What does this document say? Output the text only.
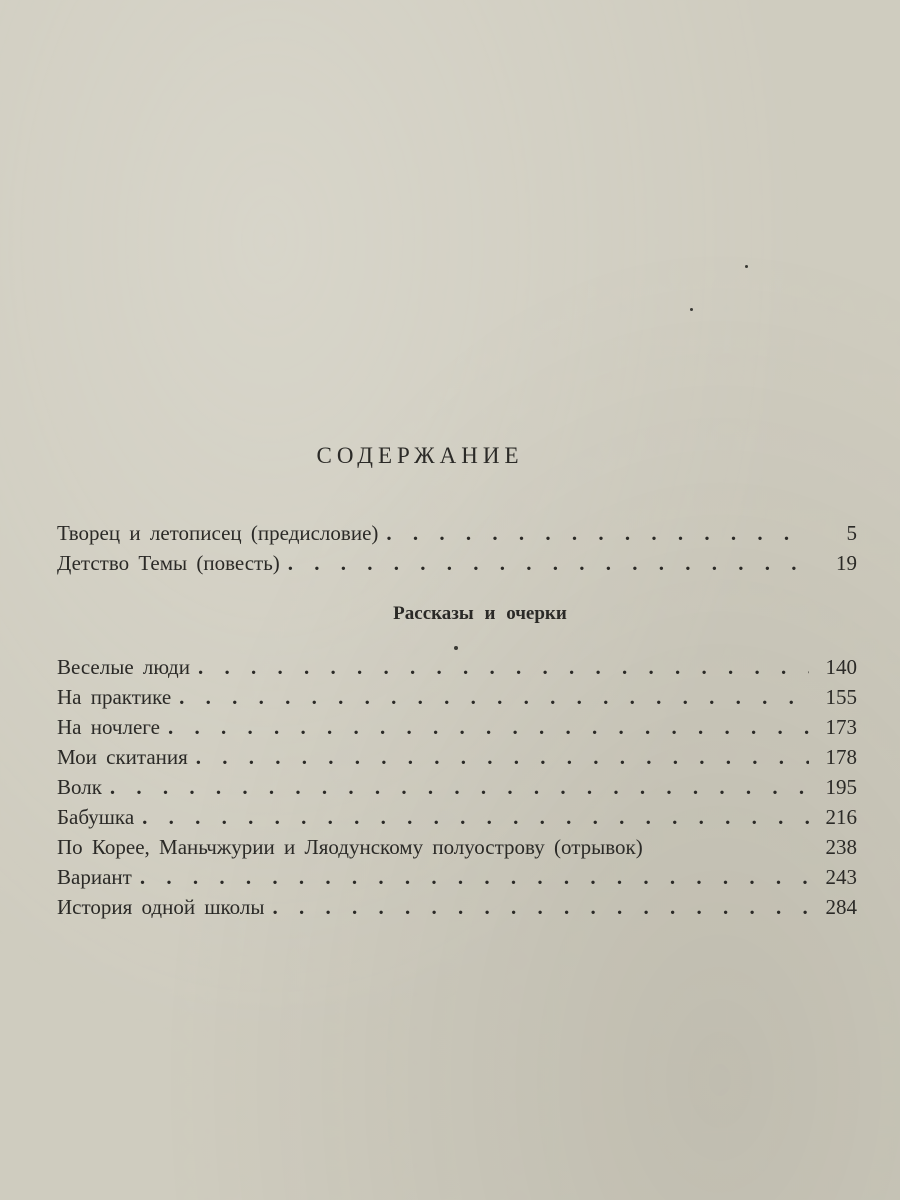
СОДЕРЖАНИЕ
Творец и летописец (предисловие) . . .	5
Детство Темы (повесть) . . .	19
Рассказы и очерки
Веселые люди . . .	140
На практике . . .	155
На ночлеге . . .	173
Мои скитания . . .	178
Волк . . .	195
Бабушка . . .	216
По Корее, Маньчжурии и Ляодунскому полуострову (отрывок)	238
Вариант . . .	243
История одной школы . . .	284
